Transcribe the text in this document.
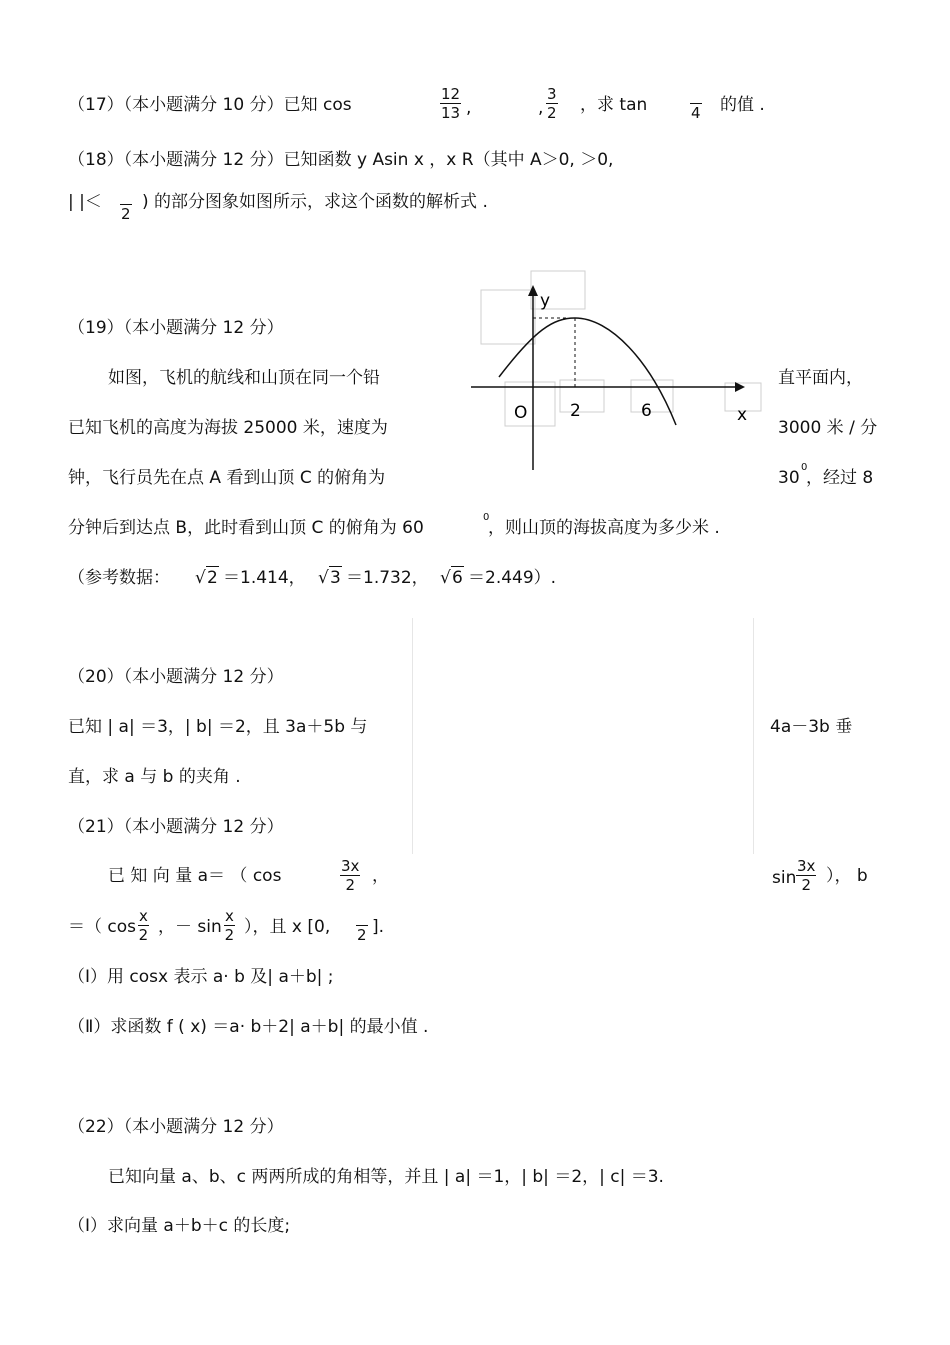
（17）（本小题满分 10 分）已知 cos	$\frac{12}{13}$ ,	, $\frac{3}{2}$ ，求 tan
	4 的值 .
（18）（本小题满分 12 分）已知函数 y Asin x ，x R（其中 A＞0, ＞0,
| |＜

2
) 的部分图象如图所示，求这个函数的解析式 .
y
O	2	6	x
（19）（本小题满分 12 分）
如图，飞机的航线和山顶在同一个铅	直平面内，
已知飞机的高度为海拔 25000 米，速度为	3000 米 / 分
钟，飞行员先在点 A 看到山顶 C 的俯角为	30
0
，经过 8
分钟后到达点 B，此时看到山顶 C 的俯角为 60
0
，则山顶的海拔高度为多少米 .
（参考数据： √ 2 ＝1.414， √ 3 ＝1.732， √ 6 ＝2.449）.
（20）（本小题满分 12 分）
已知 | a| ＝3，| b| ＝2，且 3a＋5b 与	4a－3b 垂
直，求 a 与 b 的夹角 .
（21）（本小题满分 12 分）
已 知 向 量 a＝ （ cos	$\frac{3x}{2}$ ，	$\sin \frac{3x}{2}$ ）， b
＝（ $\cos \frac{x}{2}$ ，－ $\sin \frac{x}{2}$ ），且 x [0,
2 ].
（Ⅰ）用 cosx 表示 a· b 及| a＋b| ;
（Ⅱ）求函数 f ( x) ＝a· b＋2| a＋b| 的最小值 .
（22）（本小题满分 12 分）
已知向量 a、b、c 两两所成的角相等，并且 | a| ＝1，| b| ＝2，| c| ＝3.
（Ⅰ）求向量 a＋b＋c 的长度;
